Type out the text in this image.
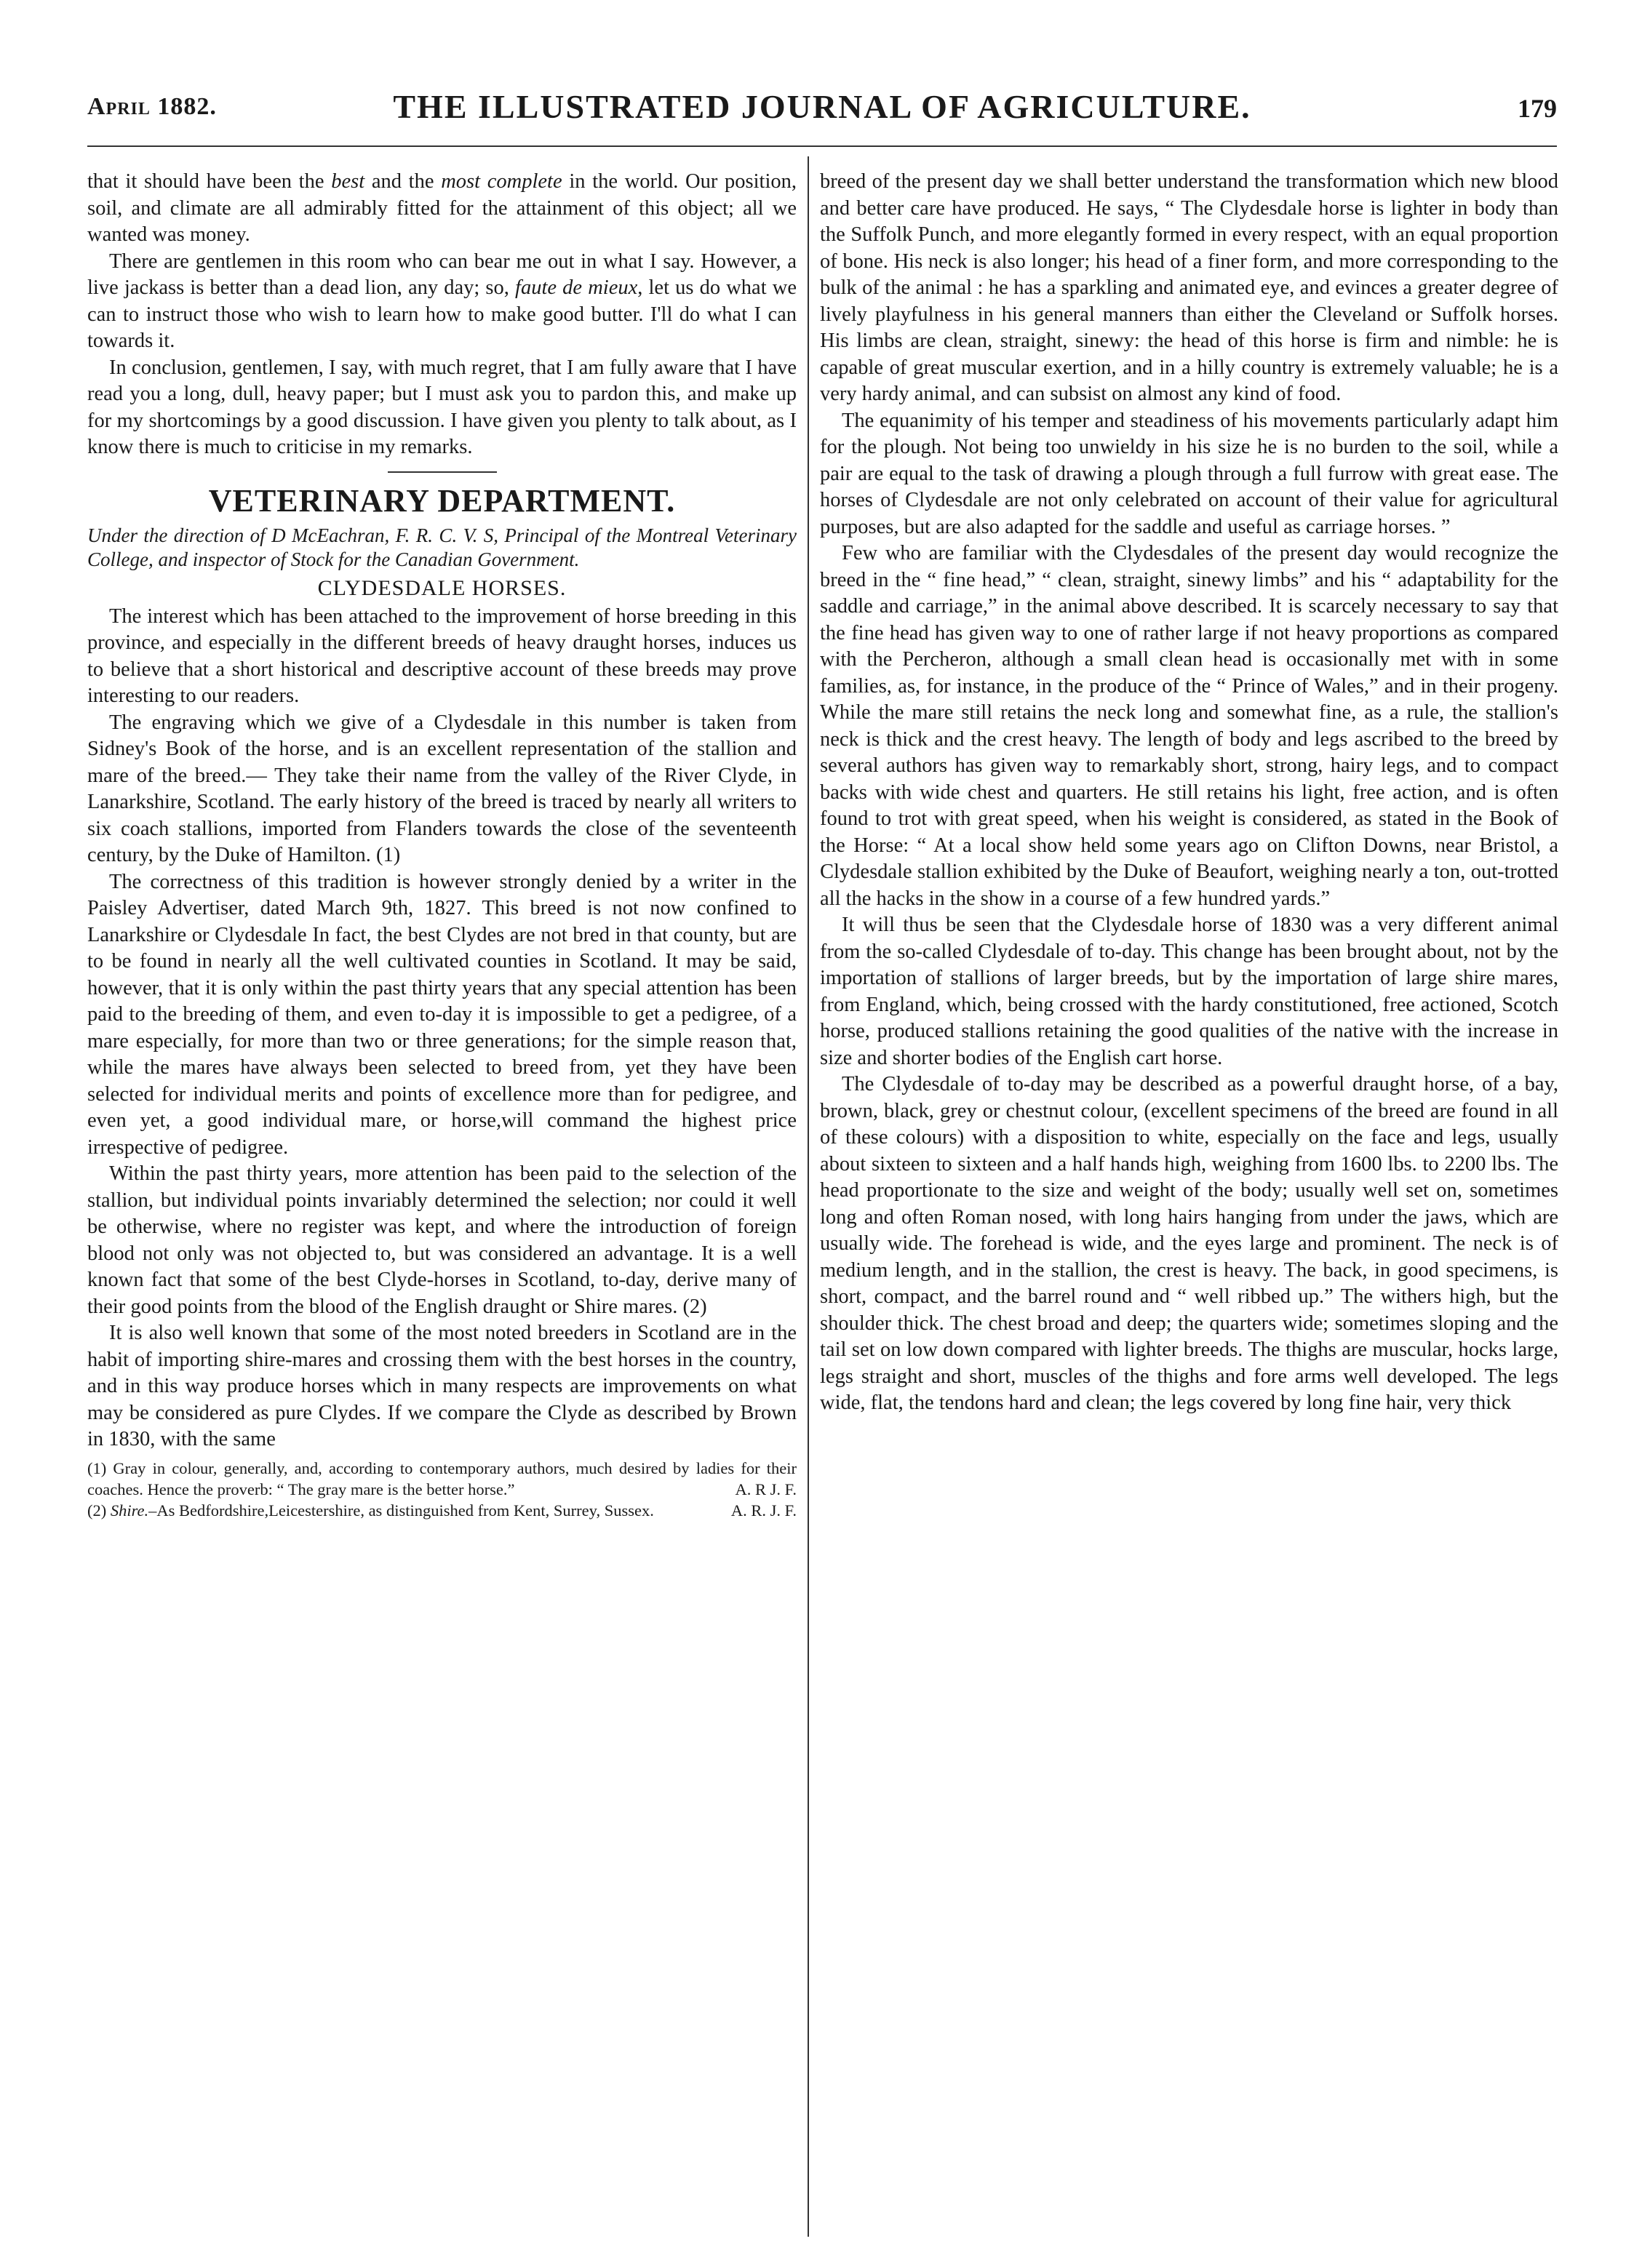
April 1882.	THE ILLUSTRATED JOURNAL OF AGRICULTURE.	179

that it should have been the best and the most complete in the world. Our position, soil, and climate are all admirably fitted for the attainment of this object; all we wanted was money.

There are gentlemen in this room who can bear me out in what I say. However, a live jackass is better than a dead lion, any day; so, faute de mieux, let us do what we can to instruct those who wish to learn how to make good butter. I'll do what I can towards it.

In conclusion, gentlemen, I say, with much regret, that I am fully aware that I have read you a long, dull, heavy paper; but I must ask you to pardon this, and make up for my shortcomings by a good discussion. I have given you plenty to talk about, as I know there is much to criticise in my remarks.

VETERINARY DEPARTMENT.
Under the direction of D McEachran, F. R. C. V. S, Principal of the Montreal Veterinary College, and inspector of Stock for the Canadian Government.
CLYDESDALE HORSES.

The interest which has been attached to the improvement of horse breeding in this province, and especially in the different breeds of heavy draught horses, induces us to believe that a short historical and descriptive account of these breeds may prove interesting to our readers.

The engraving which we give of a Clydesdale in this number is taken from Sidney's Book of the horse, and is an excellent representation of the stallion and mare of the breed.— They take their name from the valley of the River Clyde, in Lanarkshire, Scotland. The early history of the breed is traced by nearly all writers to six coach stallions, imported from Flanders towards the close of the seventeenth century, by the Duke of Hamilton. (1)

The correctness of this tradition is however strongly denied by a writer in the Paisley Advertiser, dated March 9th, 1827. This breed is not now confined to Lanarkshire or Clydesdale In fact, the best Clydes are not bred in that county, but are to be found in nearly all the well cultivated counties in Scotland. It may be said, however, that it is only within the past thirty years that any special attention has been paid to the breeding of them, and even to-day it is impossible to get a pedigree, of a mare especially, for more than two or three generations; for the simple reason that, while the mares have always been selected to breed from, yet they have been selected for individual merits and points of excellence more than for pedigree, and even yet, a good individual mare, or horse,will command the highest price irrespective of pedigree.

Within the past thirty years, more attention has been paid to the selection of the stallion, but individual points invariably determined the selection; nor could it well be otherwise, where no register was kept, and where the introduction of foreign blood not only was not objected to, but was considered an advantage. It is a well known fact that some of the best Clyde-horses in Scotland, to-day, derive many of their good points from the blood of the English draught or Shire mares. (2)

It is also well known that some of the most noted breeders in Scotland are in the habit of importing shire-mares and crossing them with the best horses in the country, and in this way produce horses which in many respects are improvements on what may be considered as pure Clydes. If we compare the Clyde as described by Brown in 1830, with the same

(1) Gray in colour, generally, and, according to contemporary authors, much desired by ladies for their coaches. Hence the proverb: “ The gray mare is the better horse.”	A. R J. F.

(2) Shire.–As Bedfordshire,Leicestershire, as distinguished from Kent, Surrey, Sussex.	A. R. J. F.

breed of the present day we shall better understand the transformation which new blood and better care have produced. He says, “ The Clydesdale horse is lighter in body than the Suffolk Punch, and more elegantly formed in every respect, with an equal proportion of bone. His neck is also longer; his head of a finer form, and more corresponding to the bulk of the animal : he has a sparkling and animated eye, and evinces a greater degree of lively playfulness in his general manners than either the Cleveland or Suffolk horses. His limbs are clean, straight, sinewy: the head of this horse is firm and nimble: he is capable of great muscular exertion, and in a hilly country is extremely valuable; he is a very hardy animal, and can subsist on almost any kind of food.

The equanimity of his temper and steadiness of his movements particularly adapt him for the plough. Not being too unwieldy in his size he is no burden to the soil, while a pair are equal to the task of drawing a plough through a full furrow with great ease. The horses of Clydesdale are not only celebrated on account of their value for agricultural purposes, but are also adapted for the saddle and useful as carriage horses. ”

Few who are familiar with the Clydesdales of the present day would recognize the breed in the “ fine head,” “ clean, straight, sinewy limbs” and his “ adaptability for the saddle and carriage,” in the animal above described. It is scarcely necessary to say that the fine head has given way to one of rather large if not heavy proportions as compared with the Percheron, although a small clean head is occasionally met with in some families, as, for instance, in the produce of the “ Prince of Wales,” and in their progeny. While the mare still retains the neck long and somewhat fine, as a rule, the stallion's neck is thick and the crest heavy. The length of body and legs ascribed to the breed by several authors has given way to remarkably short, strong, hairy legs, and to compact backs with wide chest and quarters. He still retains his light, free action, and is often found to trot with great speed, when his weight is considered, as stated in the Book of the Horse: “ At a local show held some years ago on Clifton Downs, near Bristol, a Clydesdale stallion exhibited by the Duke of Beaufort, weighing nearly a ton, out-trotted all the hacks in the show in a course of a few hundred yards.”

It will thus be seen that the Clydesdale horse of 1830 was a very different animal from the so-called Clydesdale of to-day. This change has been brought about, not by the importation of stallions of larger breeds, but by the importation of large shire mares, from England, which, being crossed with the hardy constitutioned, free actioned, Scotch horse, produced stallions retaining the good qualities of the native with the increase in size and shorter bodies of the English cart horse.

The Clydesdale of to-day may be described as a powerful draught horse, of a bay, brown, black, grey or chestnut colour, (excellent specimens of the breed are found in all of these colours) with a disposition to white, especially on the face and legs, usually about sixteen to sixteen and a half hands high, weighing from 1600 lbs. to 2200 lbs. The head proportionate to the size and weight of the body; usually well set on, sometimes long and often Roman nosed, with long hairs hanging from under the jaws, which are usually wide. The forehead is wide, and the eyes large and prominent. The neck is of medium length, and in the stallion, the crest is heavy. The back, in good specimens, is short, compact, and the barrel round and “ well ribbed up.” The withers high, but the shoulder thick. The chest broad and deep; the quarters wide; sometimes sloping and the tail set on low down compared with lighter breeds. The thighs are muscular, hocks large, legs straight and short, muscles of the thighs and fore arms well developed. The legs wide, flat, the tendons hard and clean; the legs covered by long fine hair, very thick
